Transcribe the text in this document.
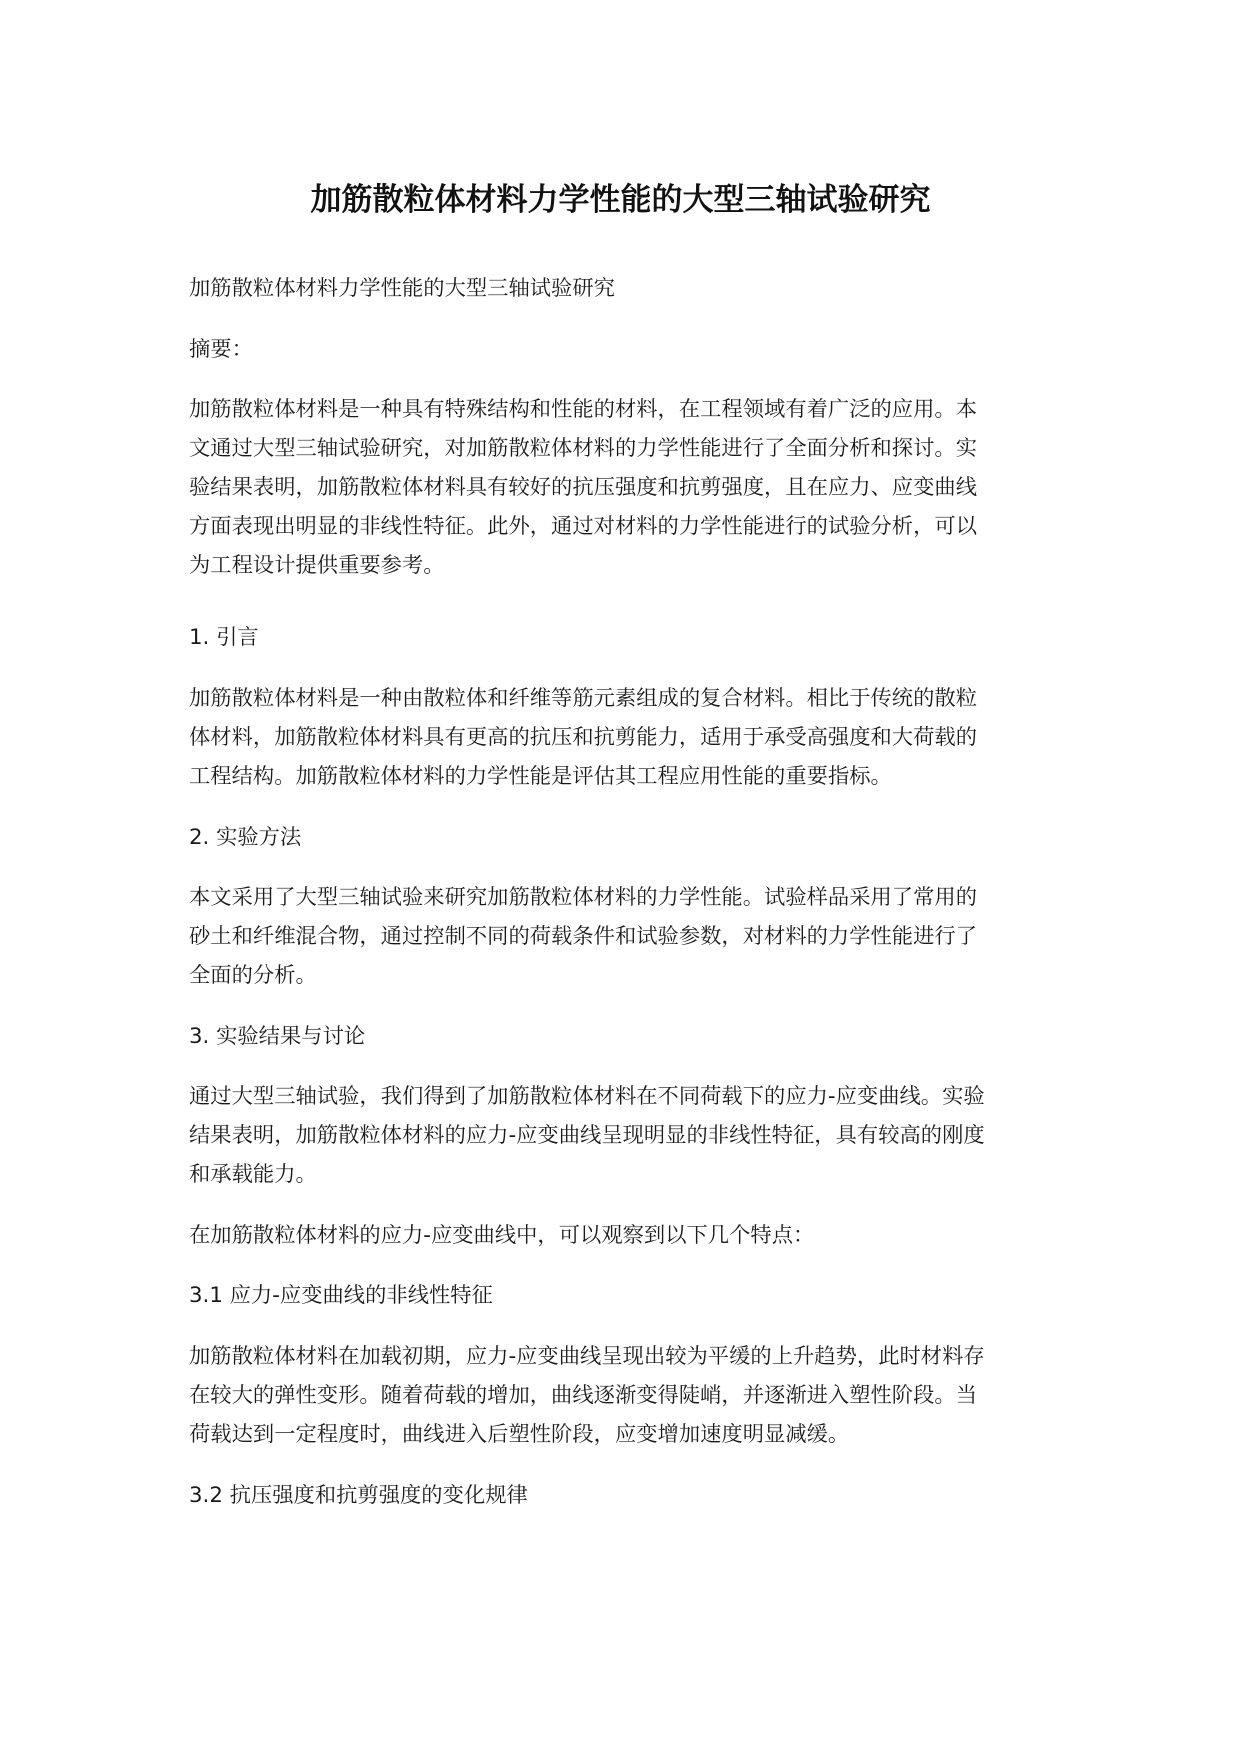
加筋散粒体材料力学性能的大型三轴试验研究

加筋散粒体材料力学性能的大型三轴试验研究

摘要：

加筋散粒体材料是一种具有特殊结构和性能的材料，在工程领域有着广泛的应用。本
文通过大型三轴试验研究，对加筋散粒体材料的力学性能进行了全面分析和探讨。实
验结果表明，加筋散粒体材料具有较好的抗压强度和抗剪强度，且在应力、应变曲线
方面表现出明显的非线性特征。此外，通过对材料的力学性能进行的试验分析，可以
为工程设计提供重要参考。

1. 引言

加筋散粒体材料是一种由散粒体和纤维等筋元素组成的复合材料。相比于传统的散粒
体材料，加筋散粒体材料具有更高的抗压和抗剪能力，适用于承受高强度和大荷载的
工程结构。加筋散粒体材料的力学性能是评估其工程应用性能的重要指标。

2. 实验方法

本文采用了大型三轴试验来研究加筋散粒体材料的力学性能。试验样品采用了常用的
砂土和纤维混合物，通过控制不同的荷载条件和试验参数，对材料的力学性能进行了
全面的分析。

3. 实验结果与讨论

通过大型三轴试验，我们得到了加筋散粒体材料在不同荷载下的应力-应变曲线。实验
结果表明，加筋散粒体材料的应力-应变曲线呈现明显的非线性特征，具有较高的刚度
和承载能力。

在加筋散粒体材料的应力-应变曲线中，可以观察到以下几个特点：

3.1 应力-应变曲线的非线性特征

加筋散粒体材料在加载初期，应力-应变曲线呈现出较为平缓的上升趋势，此时材料存
在较大的弹性变形。随着荷载的增加，曲线逐渐变得陡峭，并逐渐进入塑性阶段。当
荷载达到一定程度时，曲线进入后塑性阶段，应变增加速度明显减缓。

3.2 抗压强度和抗剪强度的变化规律
